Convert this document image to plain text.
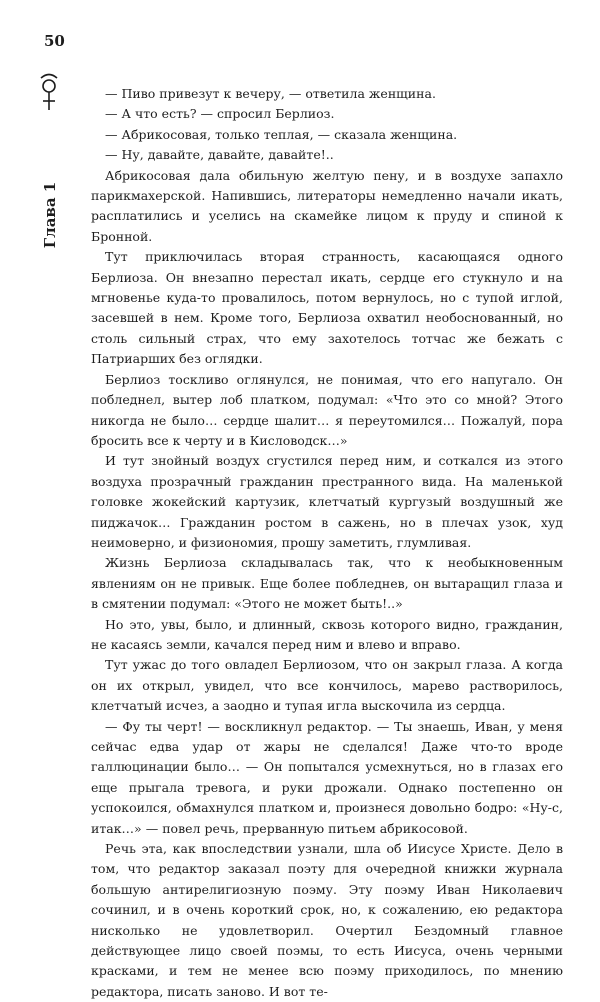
50
Глава 1

— Пиво привезут к вечеру, — ответила женщина.

— А что есть? — спросил Берлиоз.

— Абрикосовая, только теплая, — сказала женщина.

— Ну, давайте, давайте, давайте!..

Абрикосовая дала обильную желтую пену, и в воздухе запахло парикмахерской. Напившись, литераторы немедленно начали икать, расплатились и уселись на скамейке лицом к пруду и спиной к Бронной.

Тут приключилась вторая странность, касающаяся одного Берлиоза. Он внезапно перестал икать, сердце его стукнуло и на мгновенье куда-то провалилось, потом вернулось, но с тупой иглой, засевшей в нем. Кроме того, Берлиоза охватил необоснованный, но столь сильный страх, что ему захотелось тотчас же бежать с Патриарших без оглядки.

Берлиоз тоскливо оглянулся, не понимая, что его напугало. Он побледнел, вытер лоб платком, подумал: «Что это со мной? Этого никогда не было… сердце шалит… я переутомился… Пожалуй, пора бросить все к черту и в Кисловодск…»

И тут знойный воздух сгустился перед ним, и соткался из этого воздуха прозрачный гражданин престранного вида. На маленькой головке жокейский картузик, клетчатый кургузый воздушный же пиджачок… Гражданин ростом в сажень, но в плечах узок, худ неимоверно, и физиономия, прошу заметить, глумливая.

Жизнь Берлиоза складывалась так, что к необыкновенным явлениям он не привык. Еще более побледнев, он вытаращил глаза и в смятении подумал: «Этого не может быть!..»

Но это, увы, было, и длинный, сквозь которого видно, гражданин, не касаясь земли, качался перед ним и влево и вправо.

Тут ужас до того овладел Берлиозом, что он закрыл глаза. А когда он их открыл, увидел, что все кончилось, марево растворилось, клетчатый исчез, а заодно и тупая игла выскочила из сердца.

— Фу ты черт! — воскликнул редактор. — Ты знаешь, Иван, у меня сейчас едва удар от жары не сделался! Даже что-то вроде галлюцинации было… — Он попытался усмехнуться, но в глазах его еще прыгала тревога, и руки дрожали. Однако постепенно он успокоился, обмахнулся платком и, произнеся довольно бодро: «Ну-с, итак…» — повел речь, прерванную питьем абрикосовой.

Речь эта, как впоследствии узнали, шла об Иисусе Христе. Дело в том, что редактор заказал поэту для очередной книжки журнала большую антирелигиозную поэму. Эту поэму Иван Николаевич сочинил, и в очень короткий срок, но, к сожалению, ею редактора нисколько не удовлетворил. Очертил Бездомный главное действующее лицо своей поэмы, то есть Иисуса, очень черными красками, и тем не менее всю поэму приходилось, по мнению редактора, писать заново. И вот те-
